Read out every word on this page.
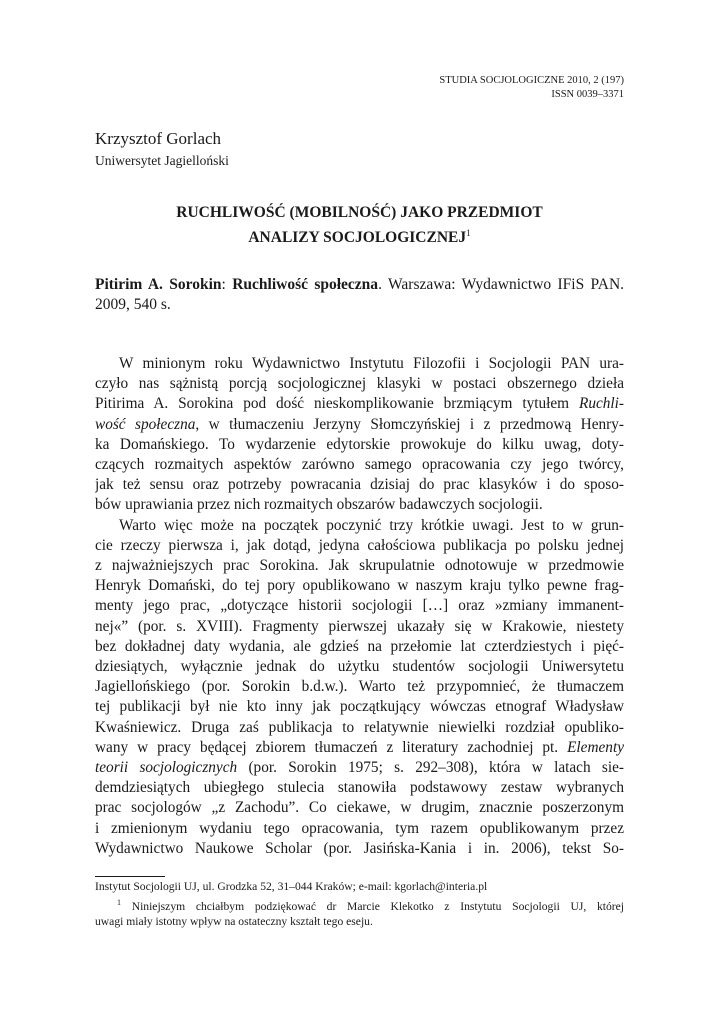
STUDIA SOCJOLOGICZNE 2010, 2 (197)
ISSN 0039–3371
Krzysztof Gorlach
Uniwersytet Jagielloński
RUCHLIWOŚĆ (MOBILNOŚĆ) JAKO PRZEDMIOT
ANALIZY SOCJOLOGICZNEJ$^1$
Pitirim A. Sorokin: Ruchliwość społeczna. Warszawa: Wydawnictwo IFiS PAN.
2009, 540 s.
W minionym roku Wydawnictwo Instytutu Filozofii i Socjologii PAN ura-
czyło nas sążnistą porcją socjologicznej klasyki w postaci obszernego dzieła
Pitirima A. Sorokina pod dość nieskomplikowanie brzmiącym tytułem Ruchli-
wość społeczna, w tłumaczeniu Jerzyny Słomczyńskiej i z przedmową Henry-
ka Domańskiego. To wydarzenie edytorskie prowokuje do kilku uwag, doty-
czących rozmaitych aspektów zarówno samego opracowania czy jego twórcy,
jak też sensu oraz potrzeby powracania dzisiaj do prac klasyków i do sposo-
bów uprawiania przez nich rozmaitych obszarów badawczych socjologii.
Warto więc może na początek poczynić trzy krótkie uwagi. Jest to w grun-
cie rzeczy pierwsza i, jak dotąd, jedyna całościowa publikacja po polsku jednej
z najważniejszych prac Sorokina. Jak skrupulatnie odnotowuje w przedmowie
Henryk Domański, do tej pory opublikowano w naszym kraju tylko pewne frag-
menty jego prac, „dotyczące historii socjologii […] oraz »zmiany immanent-
nej«” (por. s. XVIII). Fragmenty pierwszej ukazały się w Krakowie, niestety
bez dokładnej daty wydania, ale gdzieś na przełomie lat czterdziestych i pięć-
dziesiątych, wyłącznie jednak do użytku studentów socjologii Uniwersytetu
Jagiellońskiego (por. Sorokin b.d.w.). Warto też przypomnieć, że tłumaczem
tej publikacji był nie kto inny jak początkujący wówczas etnograf Władysław
Kwaśniewicz. Druga zaś publikacja to relatywnie niewielki rozdział opubliko-
wany w pracy będącej zbiorem tłumaczeń z literatury zachodniej pt. Elementy
teorii socjologicznych (por. Sorokin 1975; s. 292–308), która w latach sie-
demdziesiątych ubiegłego stulecia stanowiła podstawowy zestaw wybranych
prac socjologów „z Zachodu”. Co ciekawe, w drugim, znacznie poszerzonym
i zmienionym wydaniu tego opracowania, tym razem opublikowanym przez
Wydawnictwo Naukowe Scholar (por. Jasińska-Kania i in. 2006), tekst So-
Instytut Socjologii UJ, ul. Grodzka 52, 31–044 Kraków; e-mail: kgorlach@interia.pl
$^1$ Niniejszym chciałbym podziękować dr Marcie Klekotko z Instytutu Socjologii UJ, której
uwagi miały istotny wpływ na ostateczny kształt tego eseju.
